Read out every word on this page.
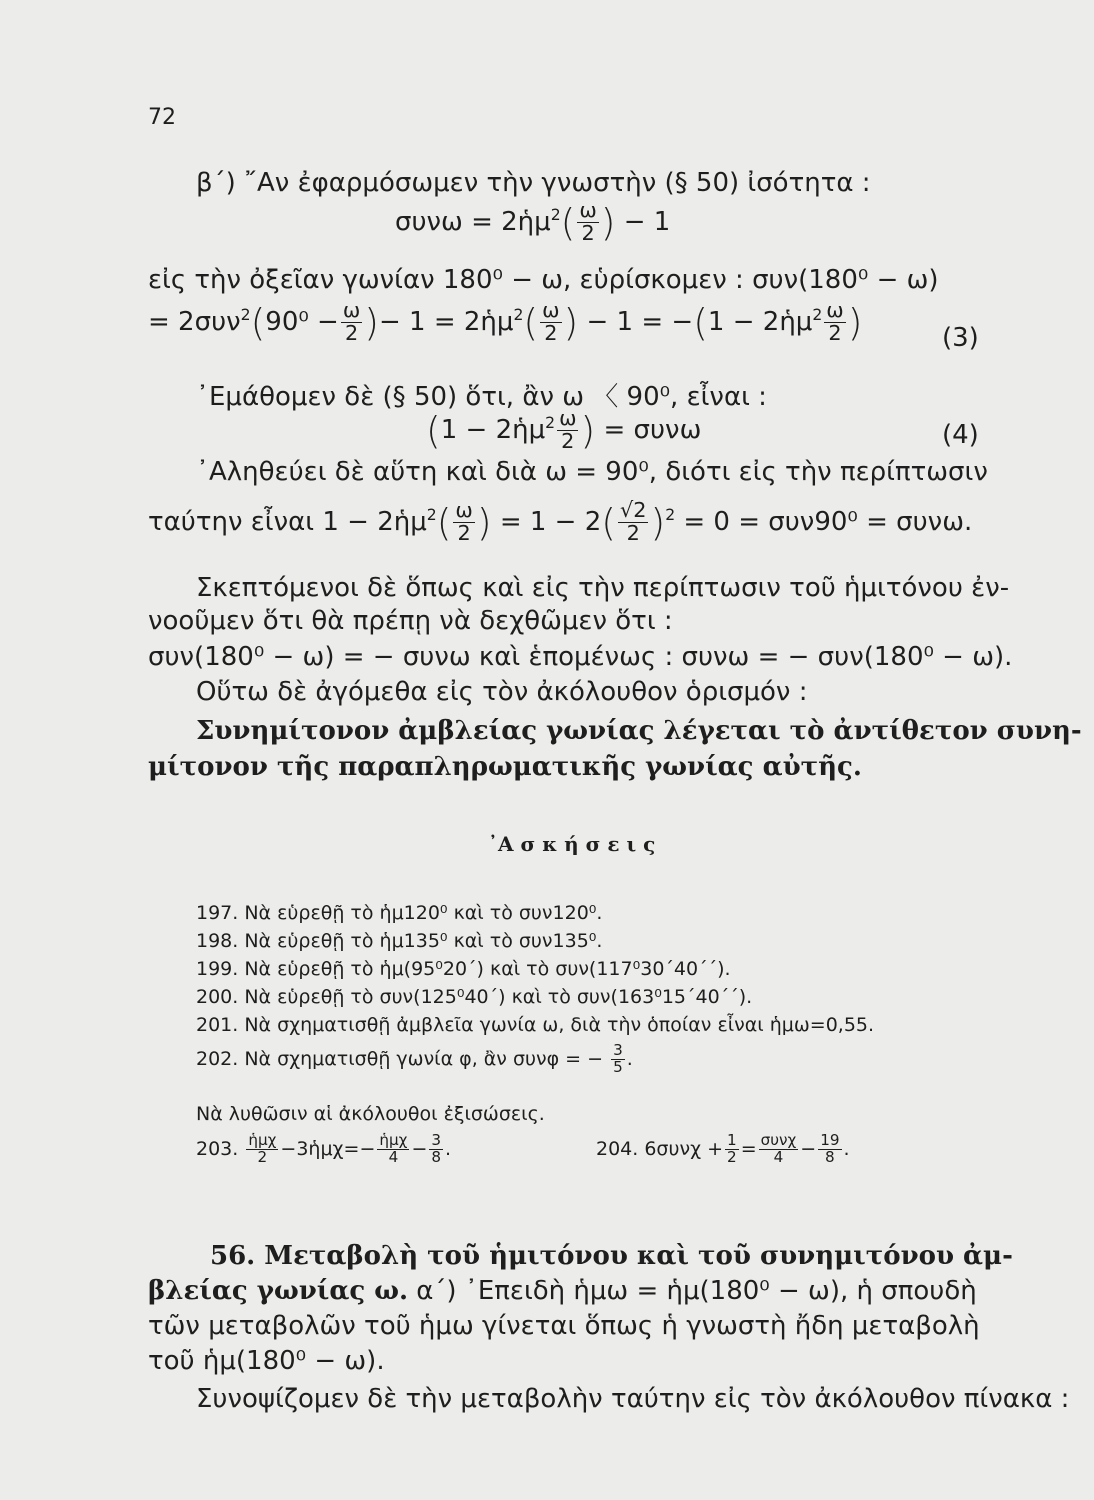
72
β΄) ῎Αν ἐφαρμόσωμεν τὴν γνωστὴν (§ 50) ἰσότητα :
συνω = 2ἡμ$^2$( $\frac{\omega}{2}$ ) − 1
εἰς τὴν ὀξεῖαν γωνίαν 180⁰ − ω, εὑρίσκομεν : συν(180⁰ − ω)
= $2\sigma\upsilon\nu^2(90^0 - \frac{\omega}{2}$ )− 1 = 2ἡμ$^2$( $\frac{\omega}{2}$ ) − 1 = −(1 − 2ἡμ$^2$ $\frac{\omega}{2}$ )	(3)
᾿Εμάθομεν δὲ (§ 50) ὅτι, ἂν ω 〈 90⁰, εἶναι :
(1 − 2ἡμ$^2$ $\frac{\omega}{2}$ ) = συνω	(4)
᾿Αληθεύει δὲ αὕτη καὶ διὰ ω = 90⁰, διότι εἰς τὴν περίπτωσιν
ταύτην εἶναι 1 − 2ἡμ$^2$( $\frac{\omega}{2}$ ) = $1 - 2( \frac{√2}{2} )^2 = 0 = \sigma\upsilon\nu 90^0 = \sigma\upsilon\nu\omega$.
Σκεπτόμενοι δὲ ὅπως καὶ εἰς τὴν περίπτωσιν τοῦ ἡμιτόνου ἐν-
νοοῦμεν ὅτι θὰ πρέπῃ νὰ δεχθῶμεν ὅτι :
συν(180⁰ − ω) = − συνω καὶ ἑπομένως : συνω = − συν(180⁰ − ω).
Οὕτω δὲ ἀγόμεθα εἰς τὸν ἀκόλουθον ὁρισμόν :
Συνημίτονον ἀμβλείας γωνίας λέγεται τὸ ἀντίθετον συνη-
μίτονον τῆς παραπληρωματικῆς γωνίας αὐτῆς.
᾿Α σ κ ή σ ε ι ς
197. Νὰ εὑρεθῇ τὸ ἡμ120⁰ καὶ τὸ συν120⁰.
198. Νὰ εὑρεθῇ τὸ ἡμ135⁰ καὶ τὸ συν135⁰.
199. Νὰ εὑρεθῇ τὸ ἡμ(95⁰20΄) καὶ τὸ συν(117⁰30΄40΄΄).
200. Νὰ εὑρεθῇ τὸ συν(125⁰40΄) καὶ τὸ συν(163⁰15΄40΄΄).
201. Νὰ σχηματισθῇ ἀμβλεῖα γωνία ω, διὰ τὴν ὁποίαν εἶναι ἡμω=0,55.
202. Νὰ σχηματισθῇ γωνία φ, ἂν συνφ = − $\frac{3}{5}$ .
Νὰ λυθῶσιν αἱ ἀκόλουθοι ἐξισώσεις.
203. $\frac{\text{ἡμχ}}{2}$ −3ἡμχ=− $\frac{\text{ἡμχ}}{4} - \frac{3}{8}$ .	204. $6\sigma\upsilon\nu\chi + \frac{1}{2} = \frac{\text{συνχ}}{4} - \frac{19}{8}$ .
56. Μεταβολὴ τοῦ ἡμιτόνου καὶ τοῦ συνημιτόνου ἀμ-
βλείας γωνίας ω. α΄) ᾿Επειδὴ ἡμω = ἡμ(180⁰ − ω), ἡ σπουδὴ
τῶν μεταβολῶν τοῦ ἡμω γίνεται ὅπως ἡ γνωστὴ ἤδη μεταβολὴ
τοῦ ἡμ(180⁰ − ω).
Συνοψίζομεν δὲ τὴν μεταβολὴν ταύτην εἰς τὸν ἀκόλουθον πίνακα :
